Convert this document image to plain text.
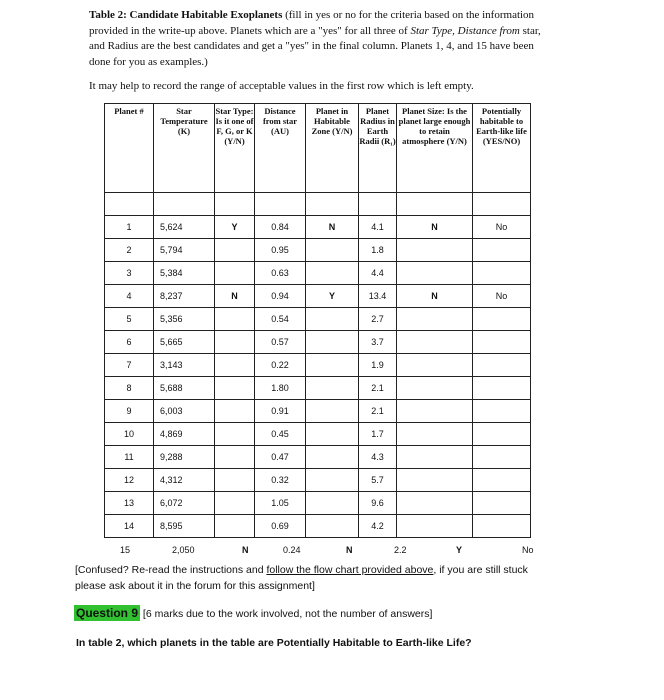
Table 2: Candidate Habitable Exoplanets (fill in yes or no for the criteria based on the information
provided in the write-up above. Planets which are a "yes" for all three of Star Type, Distance from star,
and Radius are the best candidates and get a "yes" in the final column. Planets 1, 4, and 15 have been
done for you as examples.)
It may help to record the range of acceptable values in the first row which is left empty.
Planet #	Star Temperature (K)	Star Type: Is it one of F, G, or K (Y/N)	Distance from star (AU)	Planet in Habitable Zone (Y/N)	Planet Radius in Earth Radii (R₁)	Planet Size: Is the planet large enough to retain atmosphere (Y/N)	Potentially habitable to Earth-like life (YES/NO)

1	5,624	Y	0.84	N	4.1	N	No
2	5,794		0.95		1.8		
3	5,384		0.63		4.4		
4	8,237	N	0.94	Y	13.4	N	No
5	5,356		0.54		2.7		
6	5,665		0.57		3.7		
7	3,143		0.22		1.9		
8	5,688		1.80		2.1		
9	6,003		0.91		2.1		
10	4,869		0.45		1.7		
11	9,288		0.47		4.3		
12	4,312		0.32		5.7		
13	6,072		1.05		9.6		
14	8,595		0.69		4.2		
15	2,050	N	0.24	N	2.2	Y	No
[Confused? Re-read the instructions and follow the flow chart provided above, if you are still stuck
please ask about it in the forum for this assignment]
Question 9 [6 marks due to the work involved, not the number of answers]
In table 2, which planets in the table are Potentially Habitable to Earth-like Life?
